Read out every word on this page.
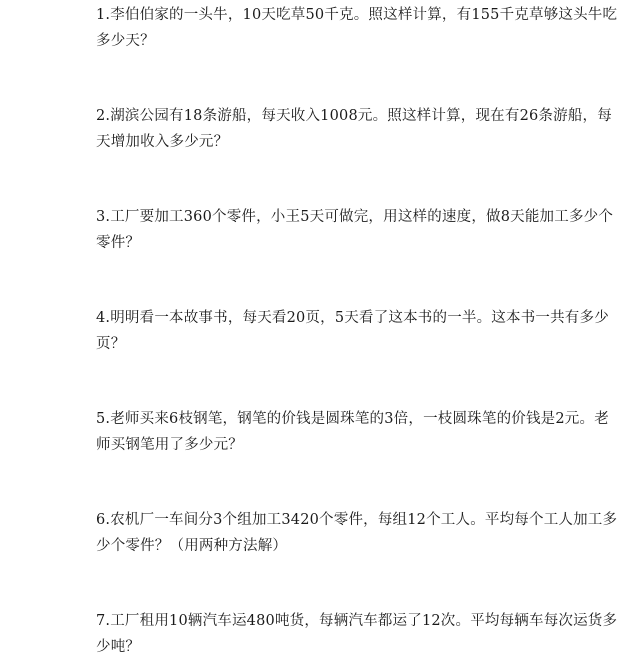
1.李伯伯家的一头牛，10天吃草50千克。照这样计算，有155千克草够这头牛吃
多少天？
2.湖滨公园有18条游船，每天收入1008元。照这样计算，现在有26条游船，每
天增加收入多少元？
3.工厂要加工360个零件，小王5天可做完，用这样的速度，做8天能加工多少个
零件？
4.明明看一本故事书，每天看20页，5天看了这本书的一半。这本书一共有多少
页？
5.老师买来6枝钢笔，钢笔的价钱是圆珠笔的3倍，一枝圆珠笔的价钱是2元。老
师买钢笔用了多少元？
6.农机厂一车间分3个组加工3420个零件，每组12个工人。平均每个工人加工多
少个零件？（用两种方法解）
7.工厂租用10辆汽车运480吨货，每辆汽车都运了12次。平均每辆车每次运货多
少吨？
